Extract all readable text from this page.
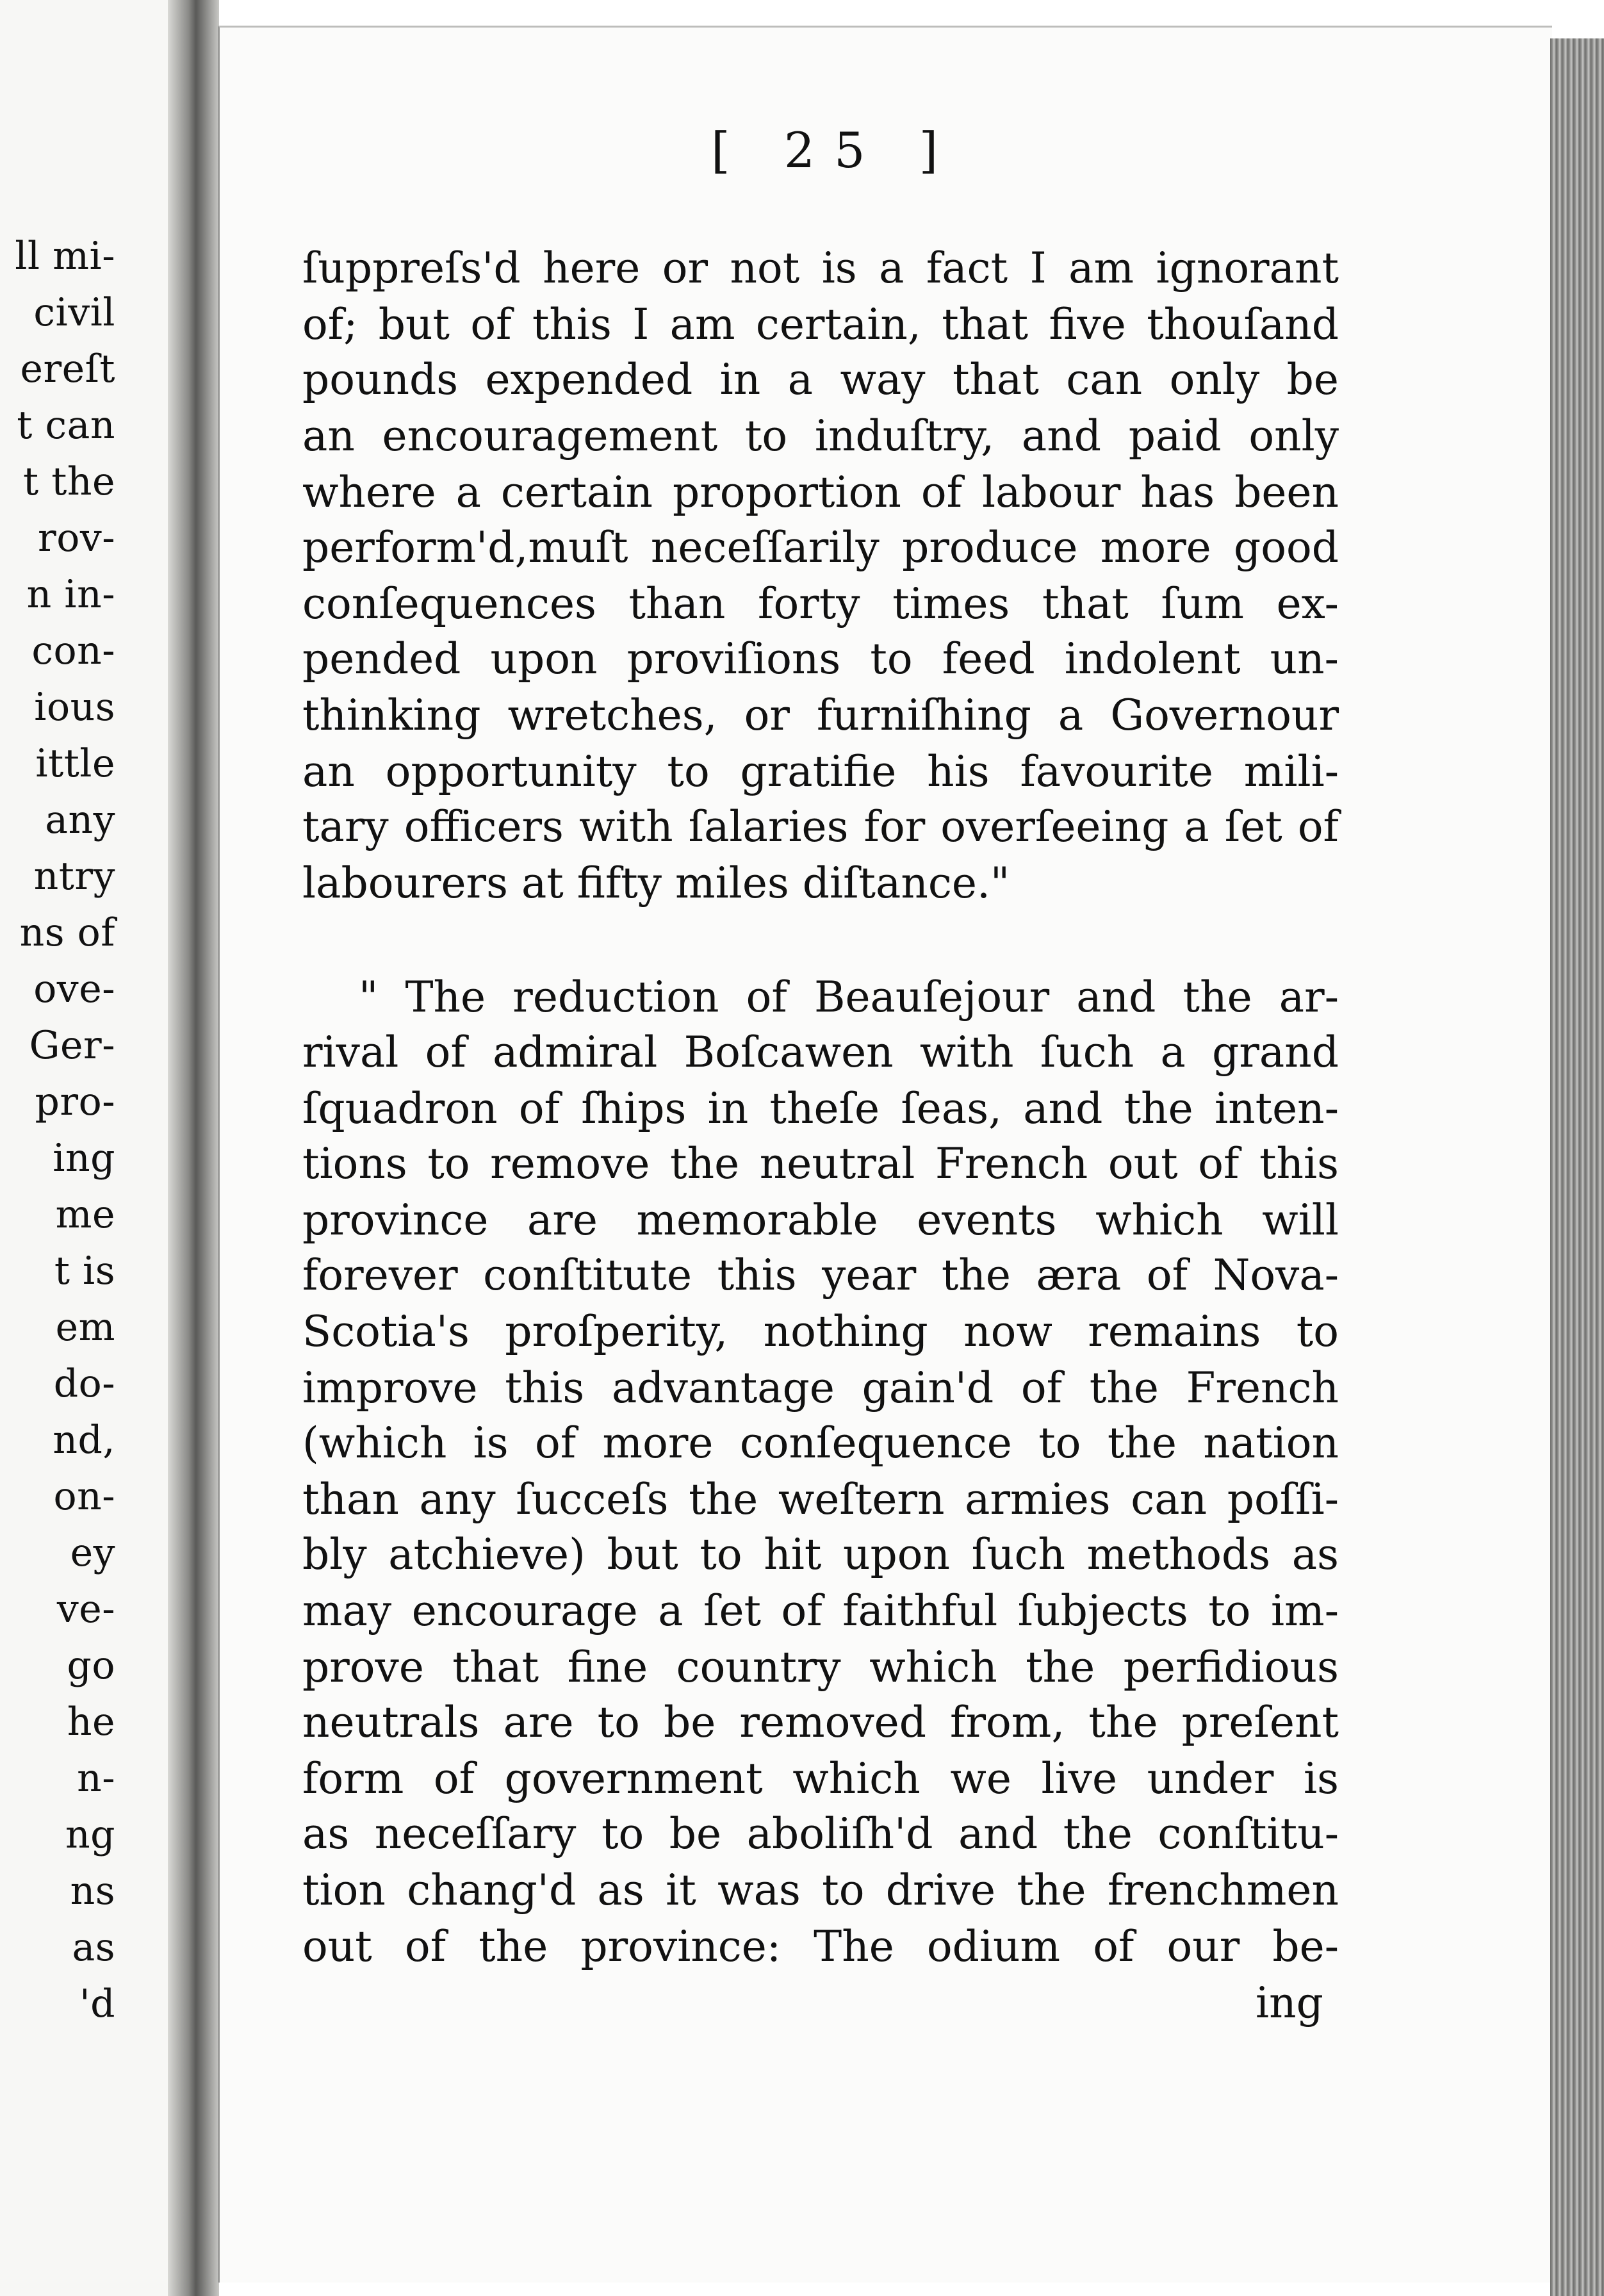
ll mi-
civil
ereſt
t can
t the
rov-
n in-
con-
ious
ittle
any
ntry
ns of
ove-
Ger-
pro-
ing
me
t is
em
do-
nd,
on-
ey
ve-
go
he
n-
ng
ns
as
'd
[ 25 ]
ſuppreſs'd here or not is a fact I am ignorant
of; but of this I am certain, that five thouſand
pounds expended in a way that can only be
an encouragement to induſtry, and paid only
where a certain proportion of labour has been
perform'd,muſt neceſſarily produce more good
conſequences than forty times that ſum ex-
pended upon proviſions to feed indolent un-
thinking wretches, or furniſhing a Governour
an opportunity to gratifie his favourite mili-
tary officers with ſalaries for overſeeing a ſet of
labourers at fifty miles diſtance."
" The reduction of Beauſejour and the ar-
rival of admiral Boſcawen with ſuch a grand
ſquadron of ſhips in theſe ſeas, and the inten-
tions to remove the neutral French out of this
province are memorable events which will
forever conſtitute this year the æra of Nova-
Scotia's proſperity, nothing now remains to
improve this advantage gain'd of the French
(which is of more conſequence to the nation
than any ſucceſs the weſtern armies can poſſi-
bly atchieve) but to hit upon ſuch methods as
may encourage a ſet of faithful ſubjects to im-
prove that fine country which the perfidious
neutrals are to be removed from, the preſent
form of government which we live under is
as neceſſary to be aboliſh'd and the conſtitu-
tion chang'd as it was to drive the frenchmen
out of the province: The odium of our be-
ing
